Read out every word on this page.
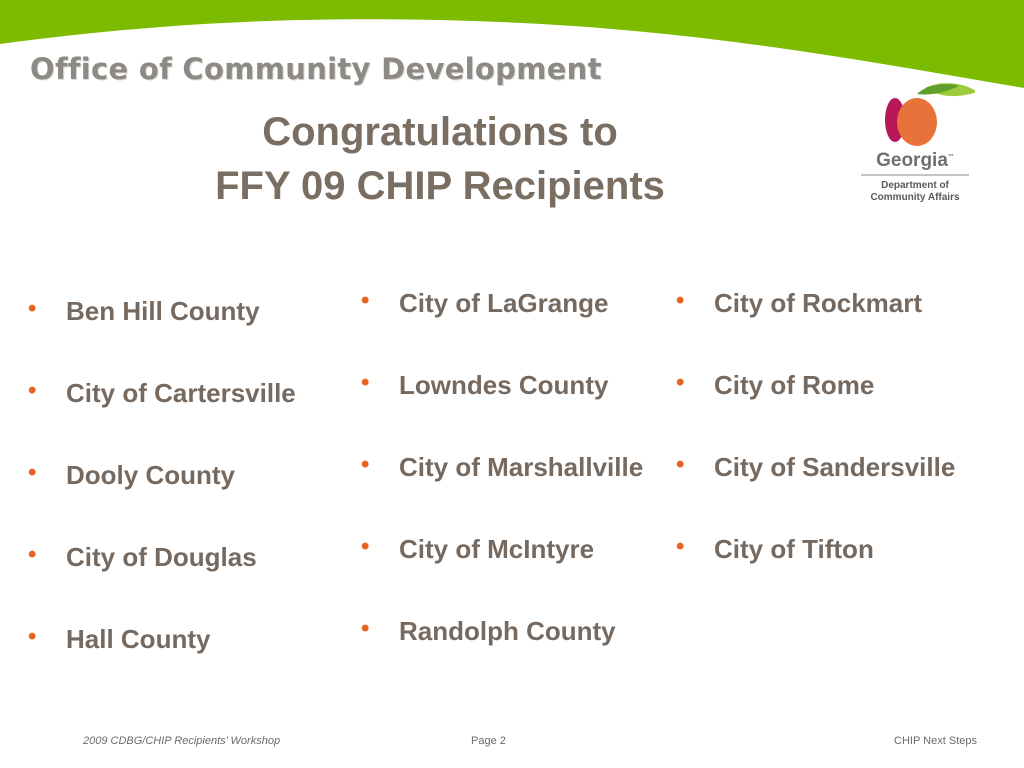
Office of Community Development
Congratulations to
FFY 09 CHIP Recipients
Georgia™
Department of
Community Affairs
• Ben Hill County
• City of Cartersville
• Dooly County
• City of Douglas
• Hall County
• City of LaGrange
• Lowndes County
• City of Marshallville
• City of McIntyre
• Randolph County
• City of Rockmart
• City of Rome
• City of Sandersville
• City of Tifton
2009 CDBG/CHIP Recipients’ Workshop	Page 2	CHIP Next Steps
